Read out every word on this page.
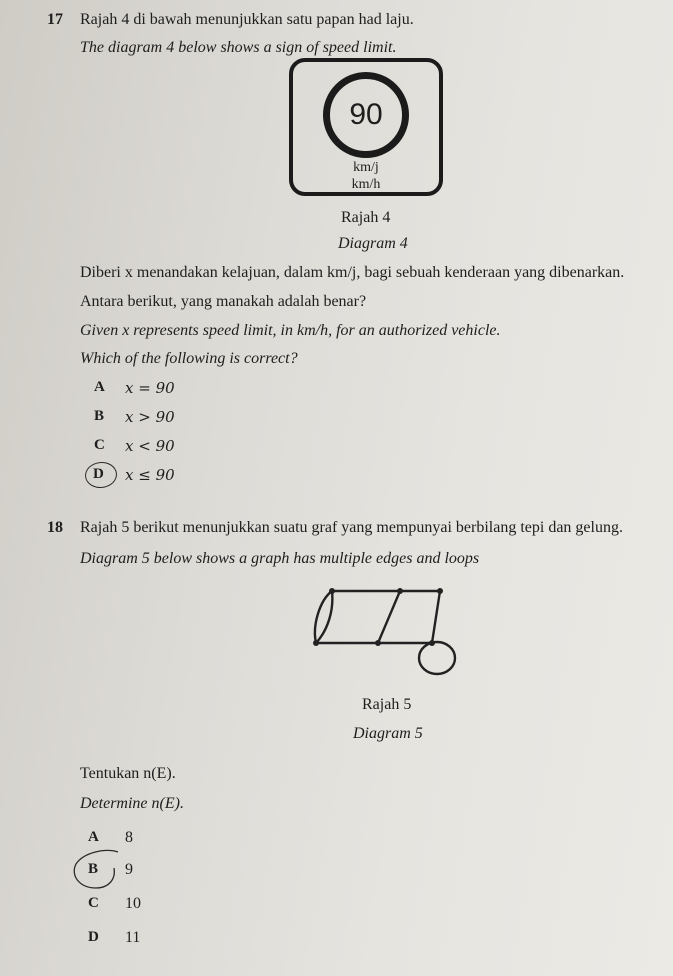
17 Rajah 4 di bawah menunjukkan satu papan had laju.
The diagram 4 below shows a sign of speed limit.
90
km/j
km/h
Rajah 4
Diagram 4
Diberi x menandakan kelajuan, dalam km/j, bagi sebuah kenderaan yang dibenarkan.
Antara berikut, yang manakah adalah benar?
Given x represents speed limit, in km/h, for an authorized vehicle.
Which of the following is correct?
A x = 90
B x > 90
C x < 90
D x ≤ 90
18 Rajah 5 berikut menunjukkan suatu graf yang mempunyai berbilang tepi dan gelung.
Diagram 5 below shows a graph has multiple edges and loops
Rajah 5
Diagram 5
Tentukan n(E).
Determine n(E).
A 8
B 9
C 10
D 11
